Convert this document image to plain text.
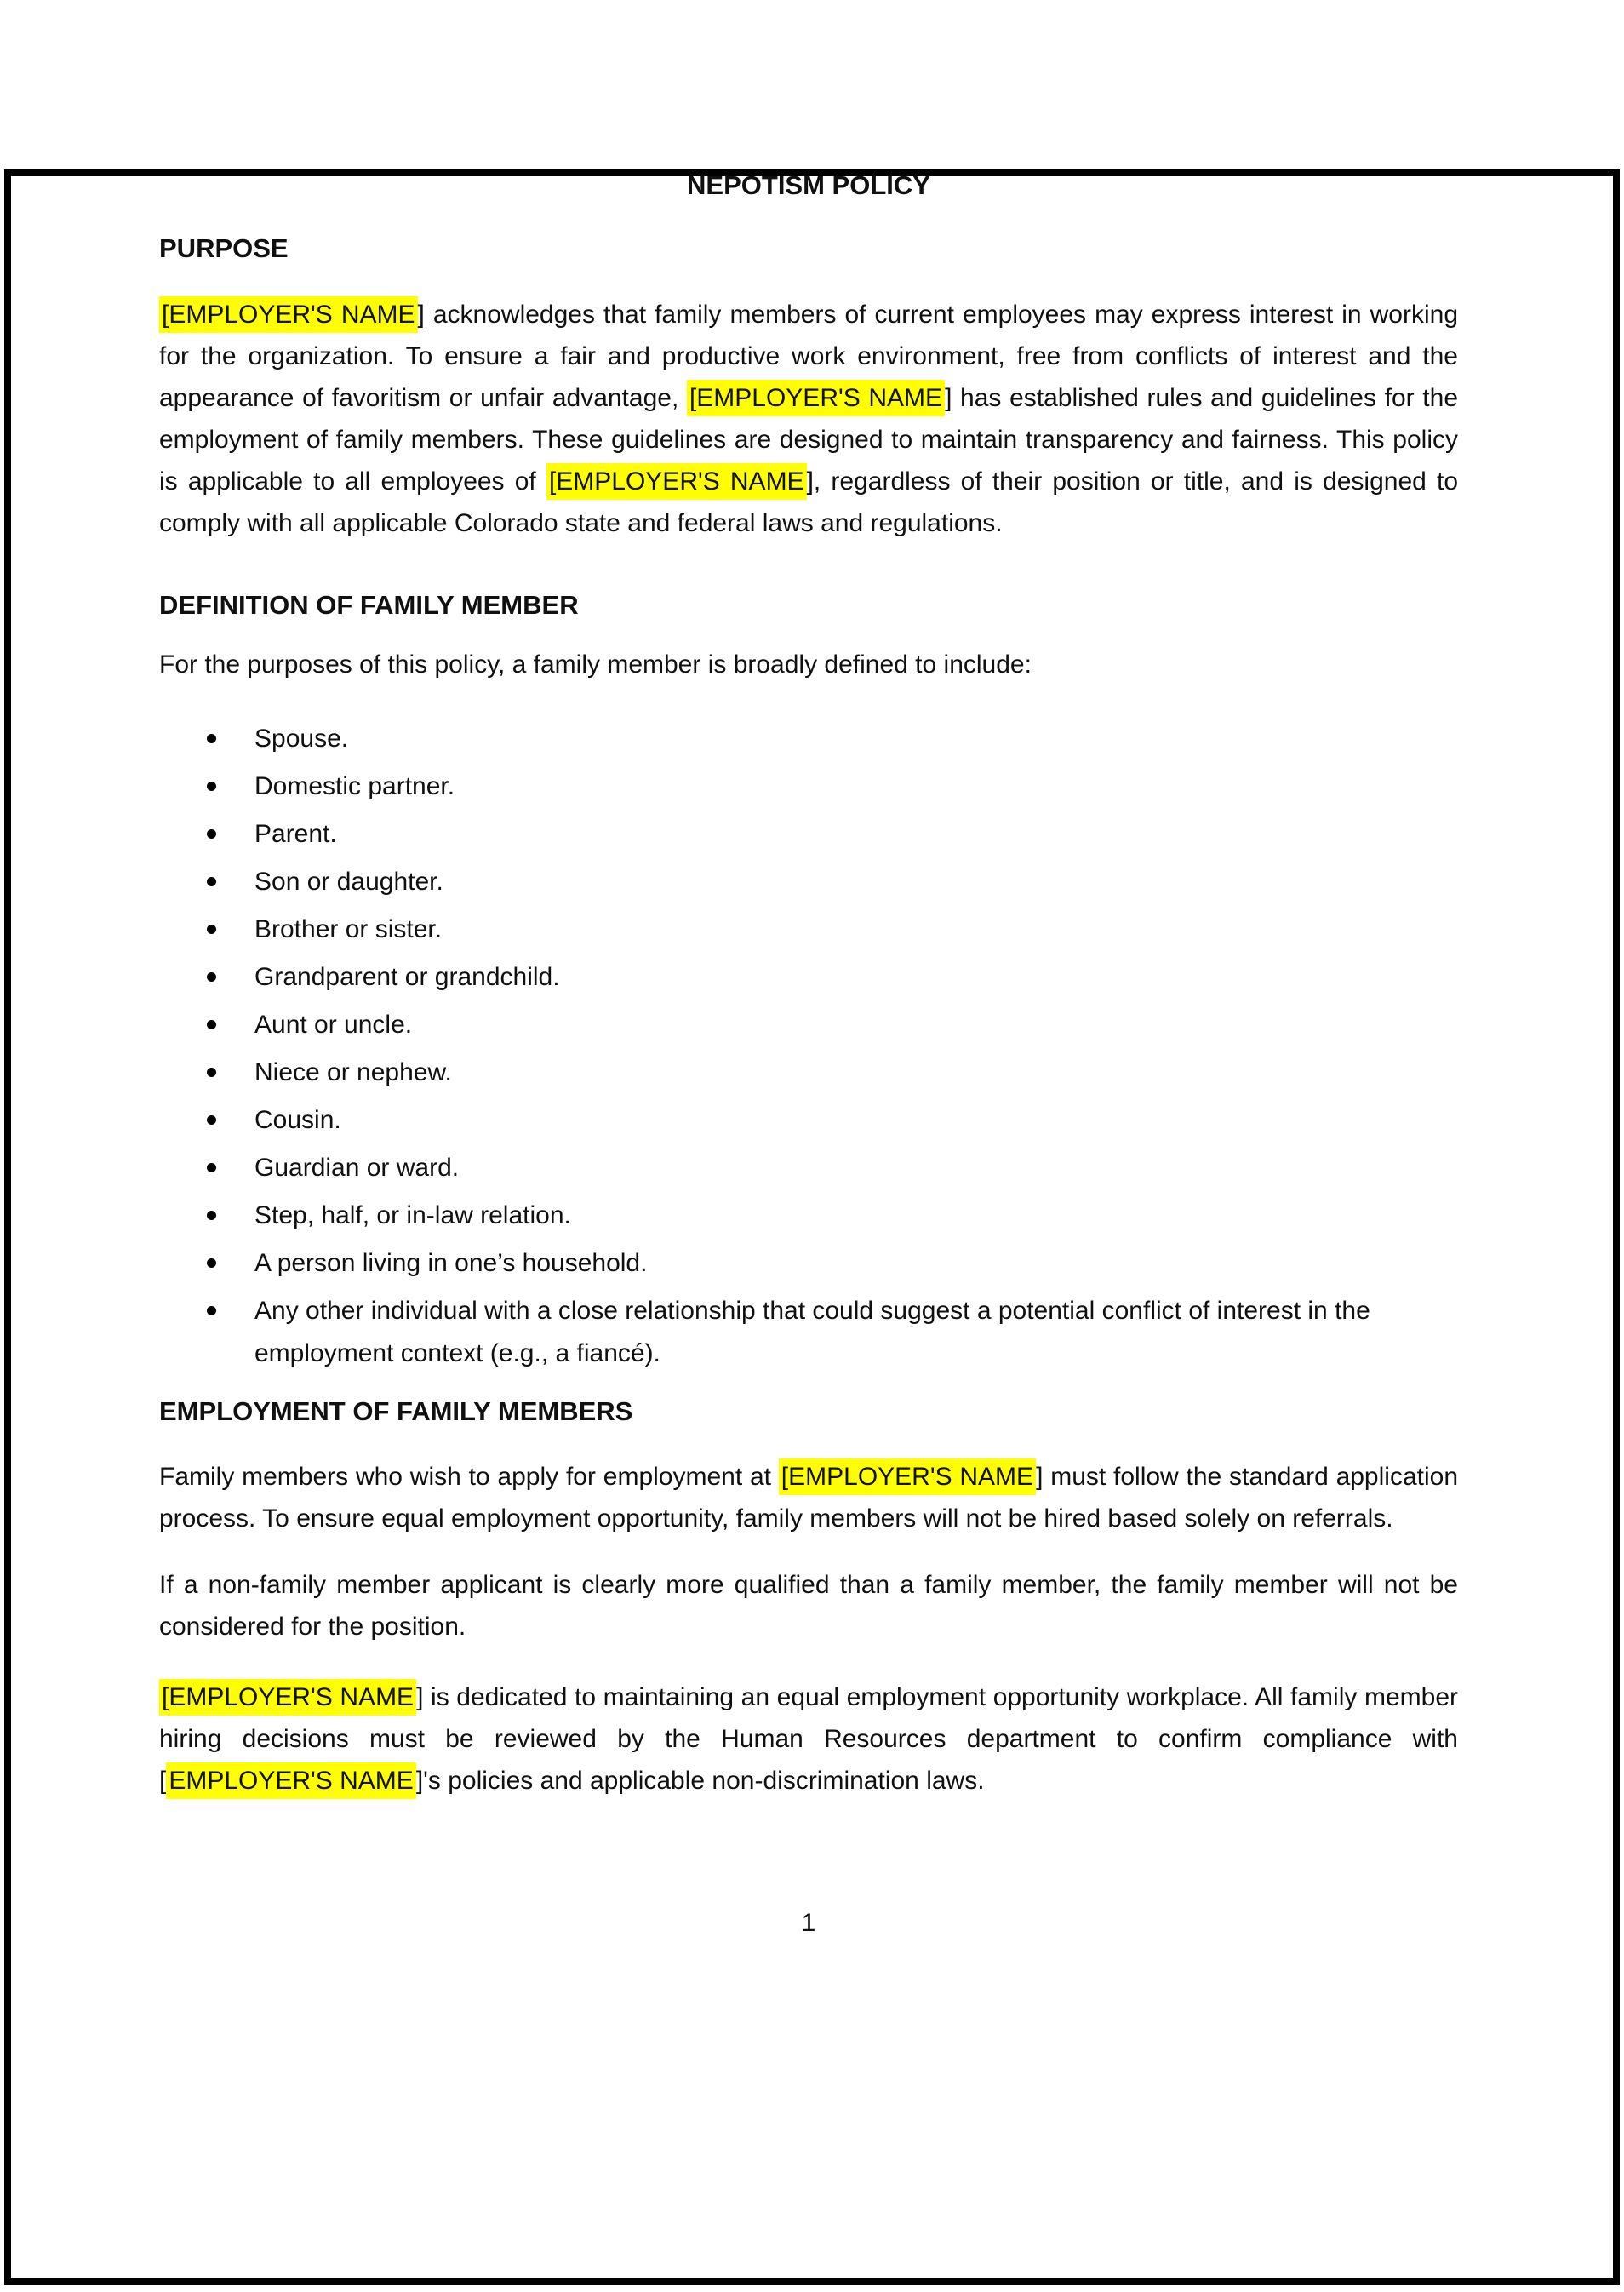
NEPOTISM POLICY
PURPOSE

[EMPLOYER'S NAME ] acknowledges that family members of current employees may express interest in working for the organization. To ensure a fair and productive work environment, free from conflicts of interest and the appearance of favoritism or unfair advantage, [EMPLOYER'S NAME ] has established rules and guidelines for the employment of family members. These guidelines are designed to maintain transparency and fairness. This policy is applicable to all employees of [EMPLOYER'S NAME ], regardless of their position or title, and is designed to comply with all applicable Colorado state and federal laws and regulations.

DEFINITION OF FAMILY MEMBER

For the purposes of this policy, a family member is broadly defined to include:

Spouse.
Domestic partner.
Parent.
Son or daughter.
Brother or sister.
Grandparent or grandchild.
Aunt or uncle.
Niece or nephew.
Cousin.
Guardian or ward.
Step, half, or in-law relation.
A person living in one’s household.
Any other individual with a close relationship that could suggest a potential conflict of interest in the employment context (e.g., a fiancé).
EMPLOYMENT OF FAMILY MEMBERS

Family members who wish to apply for employment at [EMPLOYER'S NAME ] must follow the standard application process. To ensure equal employment opportunity, family members will not be hired based solely on referrals.

If a non-family member applicant is clearly more qualified than a family member, the family member will not be considered for the position.

[EMPLOYER'S NAME ] is dedicated to maintaining an equal employment opportunity workplace. All family member hiring decisions must be reviewed by the Human Resources department to confirm compliance with [ EMPLOYER'S NAME ]'s policies and applicable non-discrimination laws.

1
